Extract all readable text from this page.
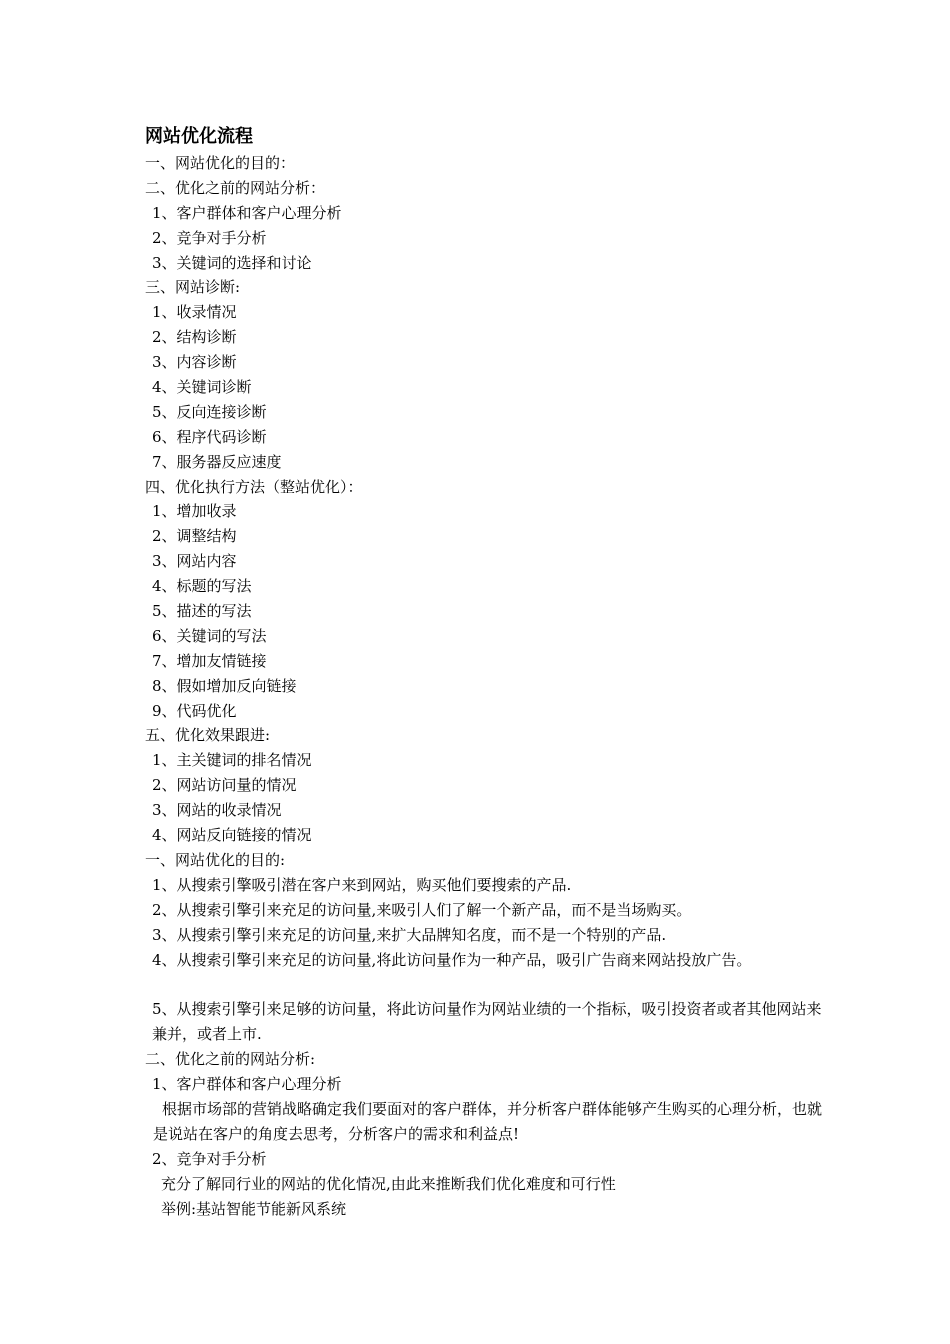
网站优化流程

一、网站优化的目的：

二、优化之前的网站分析：

1、客户群体和客户心理分析

2、竞争对手分析

3、关键词的选择和讨论

三、网站诊断:

1、收录情况

2、结构诊断

3、内容诊断

4、关键词诊断

5、反向连接诊断

6、程序代码诊断

7、服务器反应速度

四、优化执行方法（整站优化）：

1、增加收录

2、调整结构

3、网站内容

4、标题的写法

5、描述的写法

6、关键词的写法

7、增加友情链接

8、假如增加反向链接

9、代码优化

五、优化效果跟进:

1、主关键词的排名情况

2、网站访问量的情况

3、网站的收录情况

4、网站反向链接的情况

一、网站优化的目的:

1、从搜索引擎吸引潜在客户来到网站，购买他们要搜索的产品.

2、从搜索引擎引来充足的访问量,来吸引人们了解一个新产品，而不是当场购买。

3、从搜索引擎引来充足的访问量,来扩大品牌知名度，而不是一个特别的产品.

4、从搜索引擎引来充足的访问量,将此访问量作为一种产品，吸引广告商来网站投放广告。

5、从搜索引擎引来足够的访问量，将此访问量作为网站业绩的一个指标，吸引投资者或者其他网站来兼并，或者上市.

二、优化之前的网站分析:

1、客户群体和客户心理分析

根据市场部的营销战略确定我们要面对的客户群体，并分析客户群体能够产生购买的心理分析，也就是说站在客户的角度去思考，分析客户的需求和利益点!

2、竞争对手分析

充分了解同行业的网站的优化情况,由此来推断我们优化难度和可行性

举例:基站智能节能新风系统
